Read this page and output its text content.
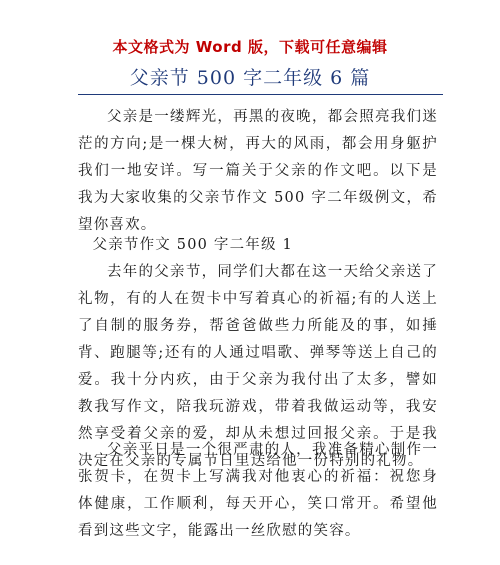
本文格式为 Word 版，下载可任意编辑
父亲节 500 字二年级 6 篇

父亲是一缕辉光，再黑的夜晚，都会照亮我们迷茫的方向;是一棵大树，再大的风雨，都会用身躯护我们一地安详。写一篇关于父亲的作文吧。以下是我为大家收集的父亲节作文 500 字二年级例文，希望你喜欢。

父亲节作文 500 字二年级 1

去年的父亲节，同学们大都在这一天给父亲送了礼物，有的人在贺卡中写着真心的祈福;有的人送上了自制的服务券，帮爸爸做些力所能及的事，如捶背、跑腿等;还有的人通过唱歌、弹琴等送上自己的爱。我十分内疚，由于父亲为我付出了太多，譬如教我写作文，陪我玩游戏，带着我做运动等，我安然享受着父亲的爱，却从未想过回报父亲。于是我决定在父亲的专属节日里送给他一份特别的礼物。

父亲平日是一个很严肃的人，我准备精心制作一张贺卡，在贺卡上写满我对他衷心的祈福：祝您身体健康，工作顺利，每天开心，笑口常开。希望他看到这些文字，能露出一丝欣慰的笑容。
